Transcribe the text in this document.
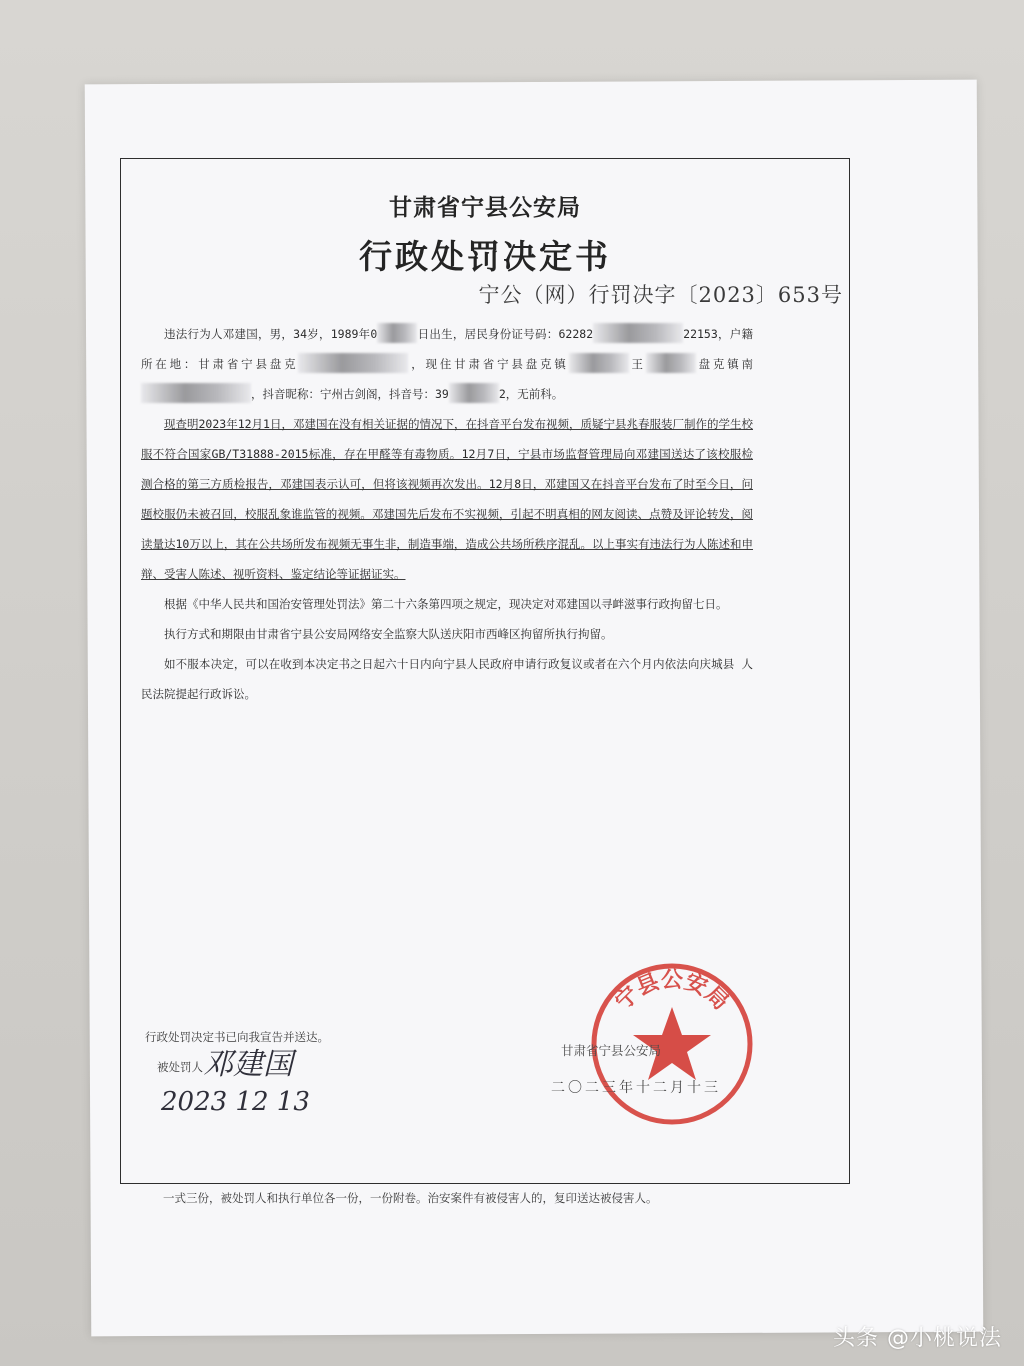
甘肃省宁县公安局
行政处罚决定书
宁公（网）行罚决字〔2023〕653号

违法行为人邓建国，男，34岁，1989年0	日出生，居民身份证号码：62282	22153，户籍所在地：甘肃省宁县盘克	，现住甘肃省宁县盘克镇	王	盘克镇南，抖音昵称：宁州古剑阁，抖音号：39	2，无前科。

现查明2023年12月1日，邓建国在没有相关证据的情况下，在抖音平台发布视频，质疑宁县兆春服装厂制作的学生校服不符合国家GB/T31888-2015标准，存在甲醛等有毒物质。12月7日，宁县市场监督管理局向邓建国送达了该校服检测合格的第三方质检报告，邓建国表示认可，但将该视频再次发出。12月8日，邓建国又在抖音平台发布了时至今日，问题校服仍未被召回，校服乱象谁监管的视频。邓建国先后发布不实视频，引起不明真相的网友阅读、点赞及评论转发，阅读量达10万以上，其在公共场所发布视频无事生非，制造事端，造成公共场所秩序混乱。以上事实有违法行为人陈述和申辩、受害人陈述、视听资料、鉴定结论等证据证实。

根据《中华人民共和国治安管理处罚法》第二十六条第四项之规定，现决定对邓建国以寻衅滋事行政拘留七日。

执行方式和期限由甘肃省宁县公安局网络安全监察大队送庆阳市西峰区拘留所执行拘留。

如不服本决定，可以在收到本决定书之日起六十日内向宁县人民政府申请行政复议或者在六个月内依法向庆城县 人民法院提起行政诉讼。

行政处罚决定书已向我宣告并送达。
被处罚人 邓建国
2023 12 13
宁县公安局
甘肃省宁县公安局
二〇二三年十二月十三
一式三份，被处罚人和执行单位各一份，一份附卷。治安案件有被侵害人的，复印送达被侵害人。
头条 @小桃说法
